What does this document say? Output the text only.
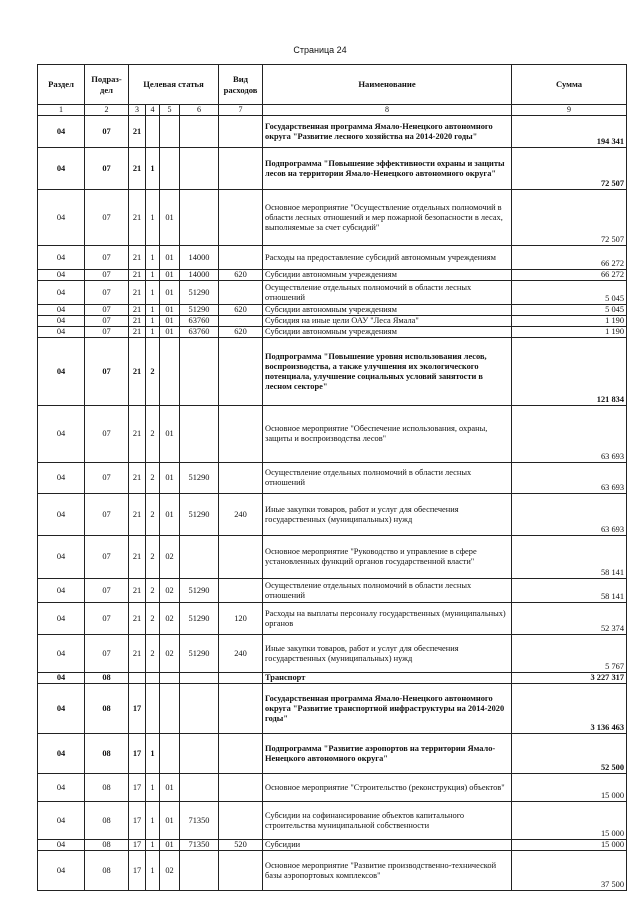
Страница 24
Раздел	Подраз-дел	Целевая статья				Вид расходов	Наименование	Сумма
1	2	3	4	5	6	7	8	9
04	07	21					Государственная программа Ямало-Ненецкого автономного округа "Развитие лесного хозяйства на 2014-2020 годы"	194 341
04	07	21	1				Подпрограмма "Повышение эффективности охраны и защиты лесов на территории Ямало-Ненецкого автономного округа"	72 507
04	07	21	1	01			Основное мероприятие "Осуществление отдельных полномочий в области лесных отношений и мер пожарной безопасности в лесах, выполняемые за счет субсидий"	72 507
04	07	21	1	01	14000		Расходы на предоставление субсидий автономным учреждениям	66 272
04	07	21	1	01	14000	620	Субсидии автономным учреждениям	66 272
04	07	21	1	01	51290		Осуществление отдельных полномочий в области лесных отношений	5 045
04	07	21	1	01	51290	620	Субсидии автономным учреждениям	5 045
04	07	21	1	01	63760		Субсидия на иные цели ОАУ "Леса Ямала"	1 190
04	07	21	1	01	63760	620	Субсидии автономным учреждениям	1 190
04	07	21	2				Подпрограмма "Повышение уровня использования лесов, воспроизводства, а также улучшения их экологического потенциала, улучшение социальных условий занятости в лесном секторе"	121 834
04	07	21	2	01			Основное мероприятие "Обеспечение использования, охраны, защиты и воспроизводства лесов"	63 693
04	07	21	2	01	51290		Осуществление отдельных полномочий в области лесных отношений	63 693
04	07	21	2	01	51290	240	Иные закупки товаров, работ и услуг для обеспечения государственных (муниципальных) нужд	63 693
04	07	21	2	02			Основное мероприятие "Руководство и управление в сфере установленных функций органов государственной власти"	58 141
04	07	21	2	02	51290		Осуществление отдельных полномочий в области лесных отношений	58 141
04	07	21	2	02	51290	120	Расходы на выплаты персоналу государственных (муниципальных) органов	52 374
04	07	21	2	02	51290	240	Иные закупки товаров, работ и услуг для обеспечения государственных (муниципальных) нужд	5 767
04	08						Транспорт	3 227 317
04	08	17					Государственная программа Ямало-Ненецкого автономного округа "Развитие транспортной инфраструктуры на 2014-2020 годы"	3 136 463
04	08	17	1				Подпрограмма "Развитие аэропортов на территории Ямало-Ненецкого автономного округа"	52 500
04	08	17	1	01			Основное мероприятие "Строительство (реконструкция) объектов"	15 000
04	08	17	1	01	71350		Субсидии на софинансирование объектов капитального строительства муниципальной собственности	15 000
04	08	17	1	01	71350	520	Субсидии	15 000
04	08	17	1	02			Основное мероприятие "Развитие производственно-технической базы аэропортовых комплексов"	37 500
